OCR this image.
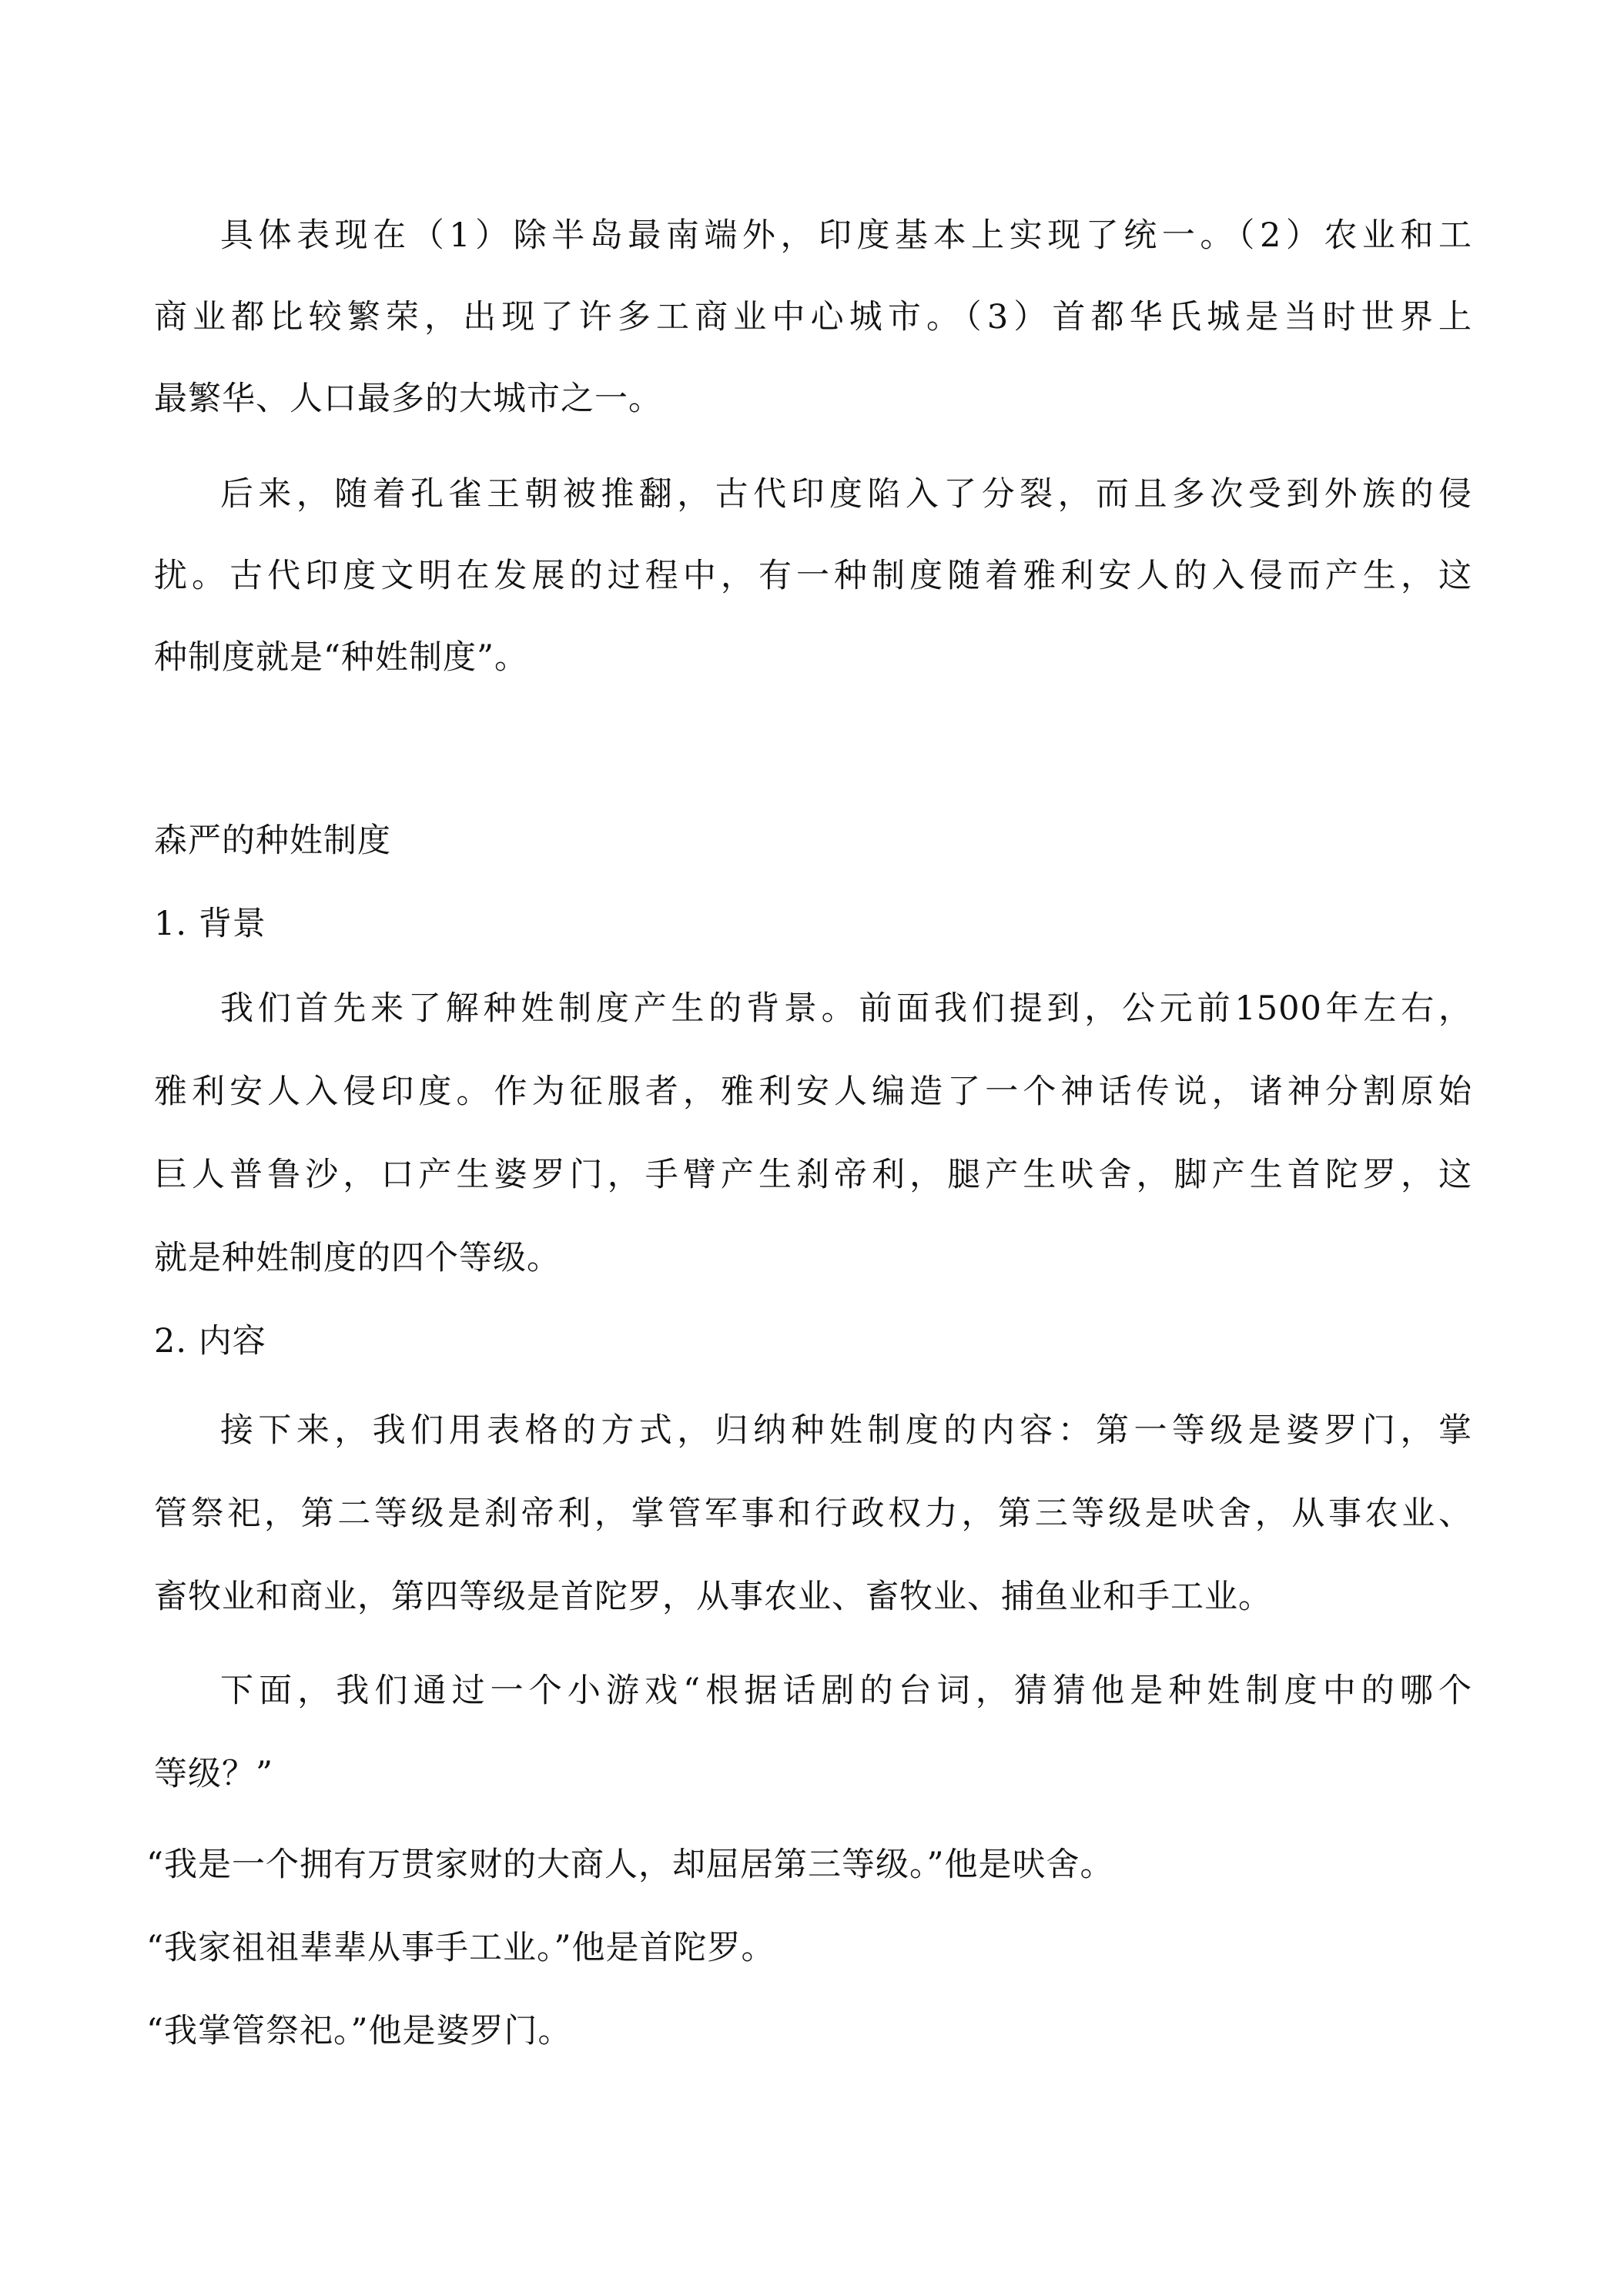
具体表现在（1）除半岛最南端外，印度基本上实现了统一。（2）农业和工
商业都比较繁荣，出现了许多工商业中心城市。（3）首都华氏城是当时世界上
最繁华、人口最多的大城市之一。
后来，随着孔雀王朝被推翻，古代印度陷入了分裂，而且多次受到外族的侵
扰。古代印度文明在发展的过程中，有一种制度随着雅利安人的入侵而产生，这
种制度就是“种姓制度”。
森严的种姓制度
1. 背景
我们首先来了解种姓制度产生的背景。前面我们提到，公元前1500年左右，
雅利安人入侵印度。作为征服者，雅利安人编造了一个神话传说，诸神分割原始
巨人普鲁沙，口产生婆罗门，手臂产生刹帝利，腿产生吠舍，脚产生首陀罗，这
就是种姓制度的四个等级。
2. 内容
接下来，我们用表格的方式，归纳种姓制度的内容：第一等级是婆罗门，掌
管祭祀，第二等级是刹帝利，掌管军事和行政权力，第三等级是吠舍，从事农业、
畜牧业和商业，第四等级是首陀罗，从事农业、畜牧业、捕鱼业和手工业。
下面，我们通过一个小游戏“根据话剧的台词，猜猜他是种姓制度中的哪个
等级？”
“我是一个拥有万贯家财的大商人，却屈居第三等级。”他是吠舍。
“我家祖祖辈辈从事手工业。”他是首陀罗。
“我掌管祭祀。”他是婆罗门。
